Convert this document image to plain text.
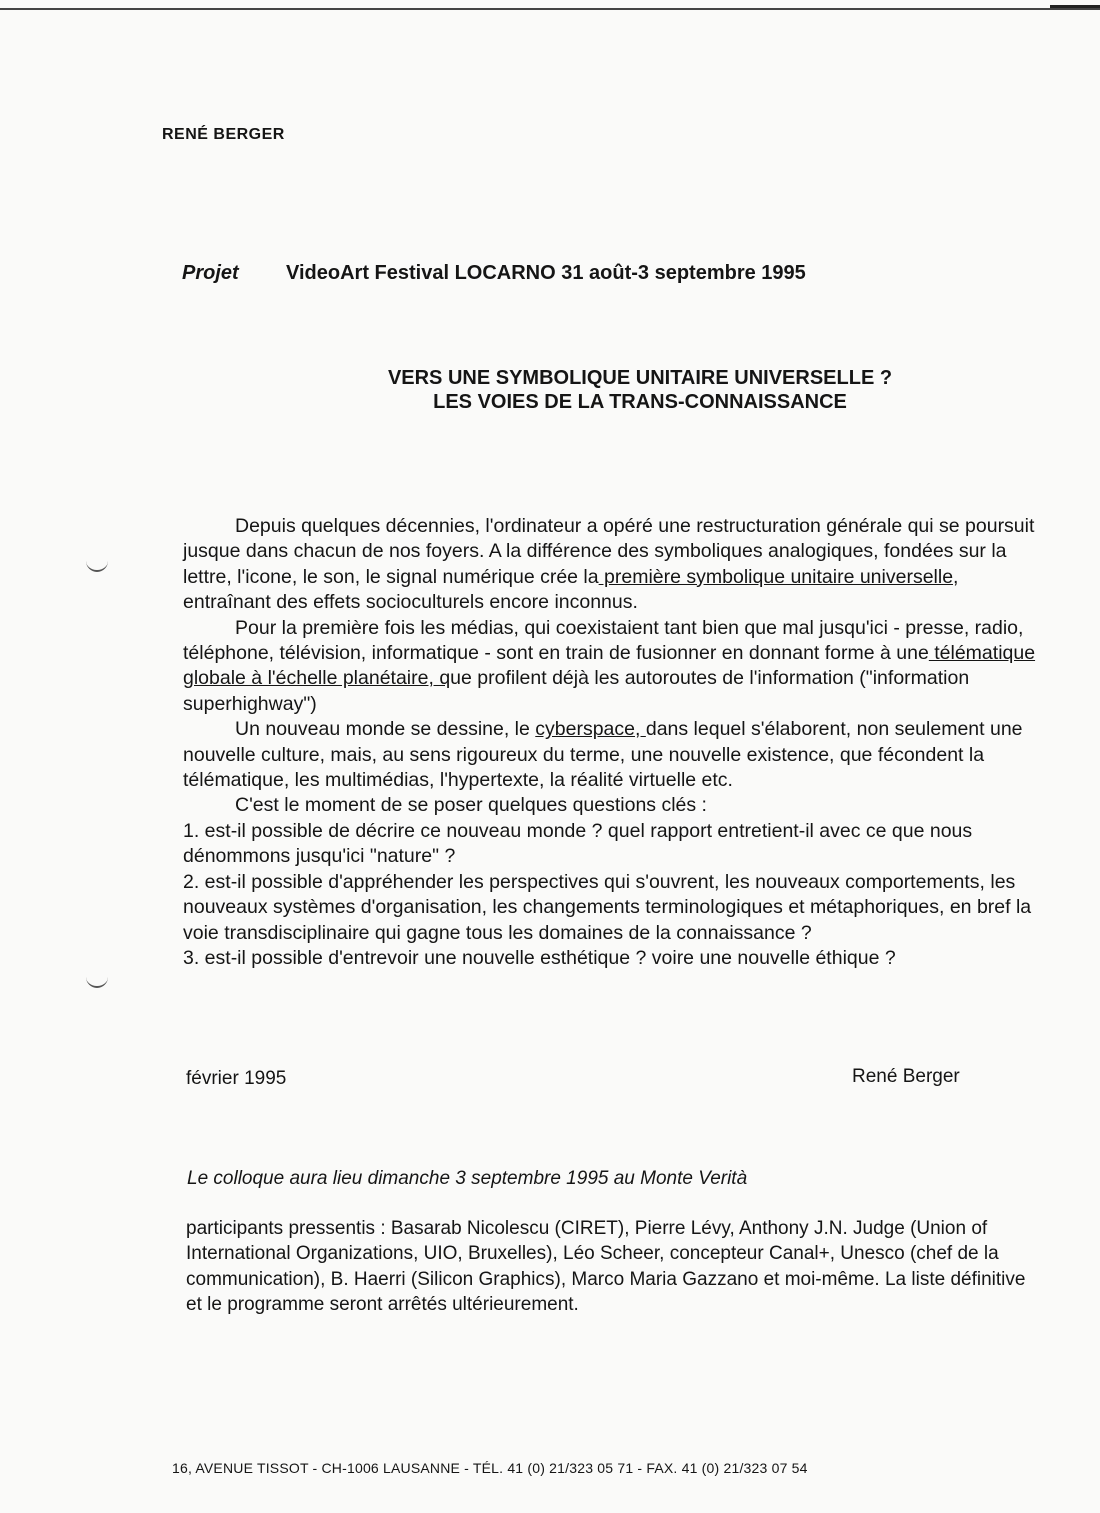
RENÉ BERGER
Projet VideoArt Festival LOCARNO 31 août-3 septembre 1995
VERS UNE SYMBOLIQUE UNITAIRE UNIVERSELLE ?
LES VOIES DE LA TRANS-CONNAISSANCE

Depuis quelques décennies, l'ordinateur a opéré une restructuration générale qui se poursuit jusque dans chacun de nos foyers. A la différence des symboliques analogiques, fondées sur la lettre, l'icone, le son, le signal numérique crée la première symbolique unitaire universelle, entraînant des effets socioculturels encore inconnus.

Pour la première fois les médias, qui coexistaient tant bien que mal jusqu'ici - presse, radio, téléphone, télévision, informatique - sont en train de fusionner en donnant forme à une télématique globale à l'échelle planétaire, que profilent déjà les autoroutes de l'information ("information superhighway")

Un nouveau monde se dessine, le cyberspace, dans lequel s'élaborent, non seulement une nouvelle culture, mais, au sens rigoureux du terme, une nouvelle existence, que fécondent la télématique, les multimédias, l'hypertexte, la réalité virtuelle etc.

C'est le moment de se poser quelques questions clés :

1. est-il possible de décrire ce nouveau monde ? quel rapport entretient-il avec ce que nous dénommons jusqu'ici "nature" ?

2. est-il possible d'appréhender les perspectives qui s'ouvrent, les nouveaux comportements, les nouveaux systèmes d'organisation, les changements terminologiques et métaphoriques, en bref la voie transdisciplinaire qui gagne tous les domaines de la connaissance ?

3. est-il possible d'entrevoir une nouvelle esthétique ? voire une nouvelle éthique ?

février 1995	René Berger
Le colloque aura lieu dimanche 3 septembre 1995 au Monte Verità
participants pressentis : Basarab Nicolescu (CIRET), Pierre Lévy, Anthony J.N. Judge (Union of International Organizations, UIO, Bruxelles), Léo Scheer, concepteur Canal+, Unesco (chef de la communication), B. Haerri (Silicon Graphics), Marco Maria Gazzano et moi-même. La liste définitive et le programme seront arrêtés ultérieurement.
16, AVENUE TISSOT - CH-1006 LAUSANNE - TÉL. 41 (0) 21/323 05 71 - FAX. 41 (0) 21/323 07 54
